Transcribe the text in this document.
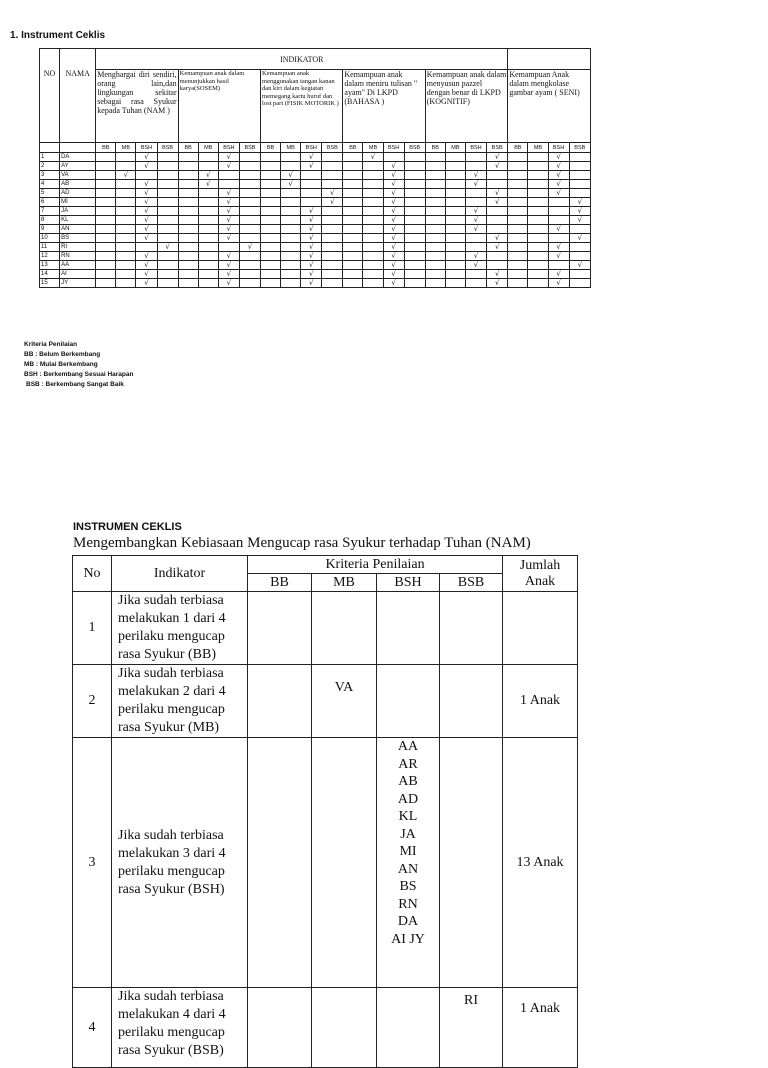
1. Instrument Ceklis
NO	NAMA	INDIKATOR																							
		Menghargai diri sendiri, orang lain,dan lingkungan sekitar sebagai rasa Syukur kepada Tuhan (NAM )				Kemampuan anak dalam menunjukkan hasil karya(SOSEM)				Kemampuan anak menggunakan tangan kanan dan kiri dalam kegiatan memegang kartu huruf dan lost part (FISIK MOTORIK )				Kemampuan anak dalam meniru tulisan " ayam" Di LKPD (BAHASA )				Kemampuan anak dalam menyusun pazzel dengan benar di LKPD (KOGNITIF)				Kemampuan Anak dalam mengkolase gambar ayam ( SENI)			
		BB	MB	BSH	BSB	BB	MB	BSH	BSB	BB	MB	BSH	BSB	BB	MB	BSH	BSB	BB	MB	BSH	BSB	BB	MB	BSH	BSB
1	DA			√				√				√			√						√			√	
2	AY			√				√				√				√					√			√	
3	VA		√				√				√					√				√				√	
4	AB			√			√				√					√				√				√	
5	AD			√				√					√			√					√			√	
6	MI			√				√					√			√					√				√
7	JA			√				√				√				√				√					√
8	KL			√				√				√				√				√					√
9	AN			√				√				√				√				√				√	
10	BS			√				√				√				√					√				√
11	RI				√				√			√				√					√			√	
12	RN			√				√				√				√				√				√	
13	AA			√				√				√				√				√					√
14	AI			√				√				√				√					√			√	
15	JY			√				√				√				√					√			√	
Kriteria Penilaian
BB : Belum Berkembang
MB : Mulai Berkembang
BSH : Berkembang Sesuai Harapan
BSB : Berkembang Sangat Baik
INSTRUMEN CEKLIS
Mengembangkan Kebiasaan Mengucap rasa Syukur terhadap Tuhan (NAM)
No	Indikator	Kriteria Penilaian				Jumlah Anak
		BB	MB	BSH	BSB	
1	Jika sudah terbiasa melakukan 1 dari 4 perilaku mengucap rasa Syukur (BB)					
2	Jika sudah terbiasa melakukan 2 dari 4 perilaku mengucap rasa Syukur (MB)		VA			1 Anak
3	Jika sudah terbiasa melakukan 3 dari 4 perilaku mengucap rasa Syukur (BSH)			AA AR AB AD KL JA MI AN BS RN DA AI JY		13 Anak
4	Jika sudah terbiasa melakukan 4 dari 4 perilaku mengucap rasa Syukur (BSB)				RI	1 Anak
